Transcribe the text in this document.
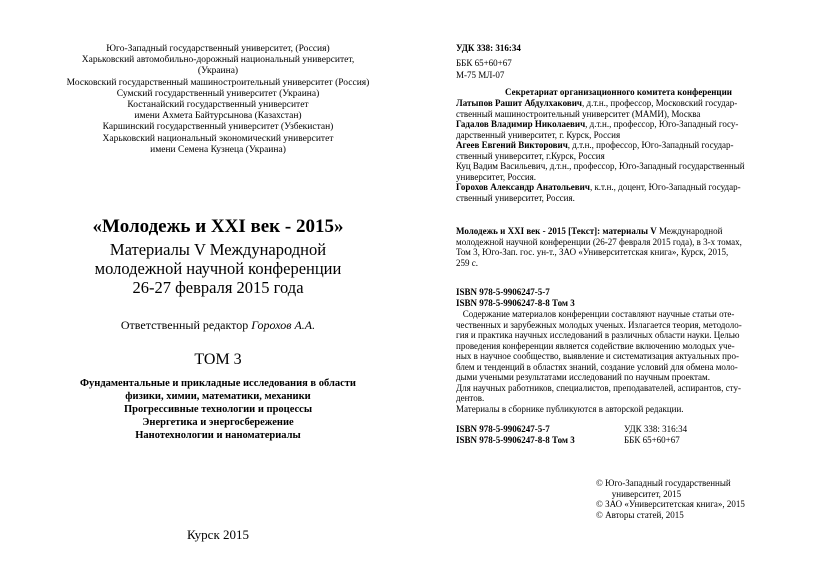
Юго-Западный государственный университет, (Россия)
Харьковский автомобильно-дорожный национальный университет,
(Украина)
Московский государственный машиностроительный университет (Россия)
Сумский государственный университет (Украина)
Костанайский государственный университет
имени Ахмета Байтурсынова (Казахстан)
Каршинский государственный университет (Узбекистан)
Харьковский национальный экономический университет
имени Семена Кузнеца (Украина)
«Молодежь и XXI век - 2015»
Материалы V Международной
молодежной научной конференции
26-27 февраля 2015 года
Ответственный редактор Горохов А.А.
ТОМ 3
Фундаментальные и прикладные исследования в области
физики, химии, математики, механики
Прогрессивные технологии и процессы
Энергетика и энергосбережение
Нанотехнологии и наноматериалы
Курск 2015
УДК 338: 316:34
ББК 65+60+67
М-75 МЛ-07
Секретариат организационного комитета конференции
Латыпов Рашит Абдулхакович, д.т.н., профессор, Московский государ-
ственный машиностроительный университет (МАМИ), Москва
Гадалов Владимир Николаевич, д.т.н., профессор, Юго-Западный госу-
дарственный университет, г. Курск, Россия
Агеев Евгений Викторович, д.т.н., профессор, Юго-Западный государ-
ственный университет, г.Курск, Россия
Куц Вадим Васильевич, д.т.н., профессор, Юго-Западный государственный
университет, Россия.
Горохов Александр Анатольевич, к.т.н., доцент, Юго-Западный государ-
ственный университет, Россия.
Молодежь и XXI век - 2015 [Текст]: материалы V Международной
молодежной научной конференции (26-27 февраля 2015 года), в 3-х томах,
Том 3, Юго-Зап. гос. ун-т., ЗАО «Университетская книга», Курск, 2015,
259 с.
ISBN 978-5-9906247-5-7
ISBN 978-5-9906247-8-8 Том 3
Содержание материалов конференции составляют научные статьи оте-
чественных и зарубежных молодых ученых. Излагается теория, методоло-
гия и практика научных исследований в различных области науки. Целью
проведения конференции является содействие включению молодых уче-
ных в научное сообщество, выявление и систематизация актуальных про-
блем и тенденций в областях знаний, создание условий для обмена моло-
дыми учеными результатами исследований по научным проектам.
Для научных работников, специалистов, преподавателей, аспирантов, сту-
дентов.
Материалы в сборнике публикуются в авторской редакции.
ISBN 978-5-9906247-5-7
ISBN 978-5-9906247-8-8 Том 3
УДК 338: 316:34
ББК 65+60+67
© Юго-Западный государственный
университет, 2015
© ЗАО «Университетская книга», 2015
© Авторы статей, 2015
